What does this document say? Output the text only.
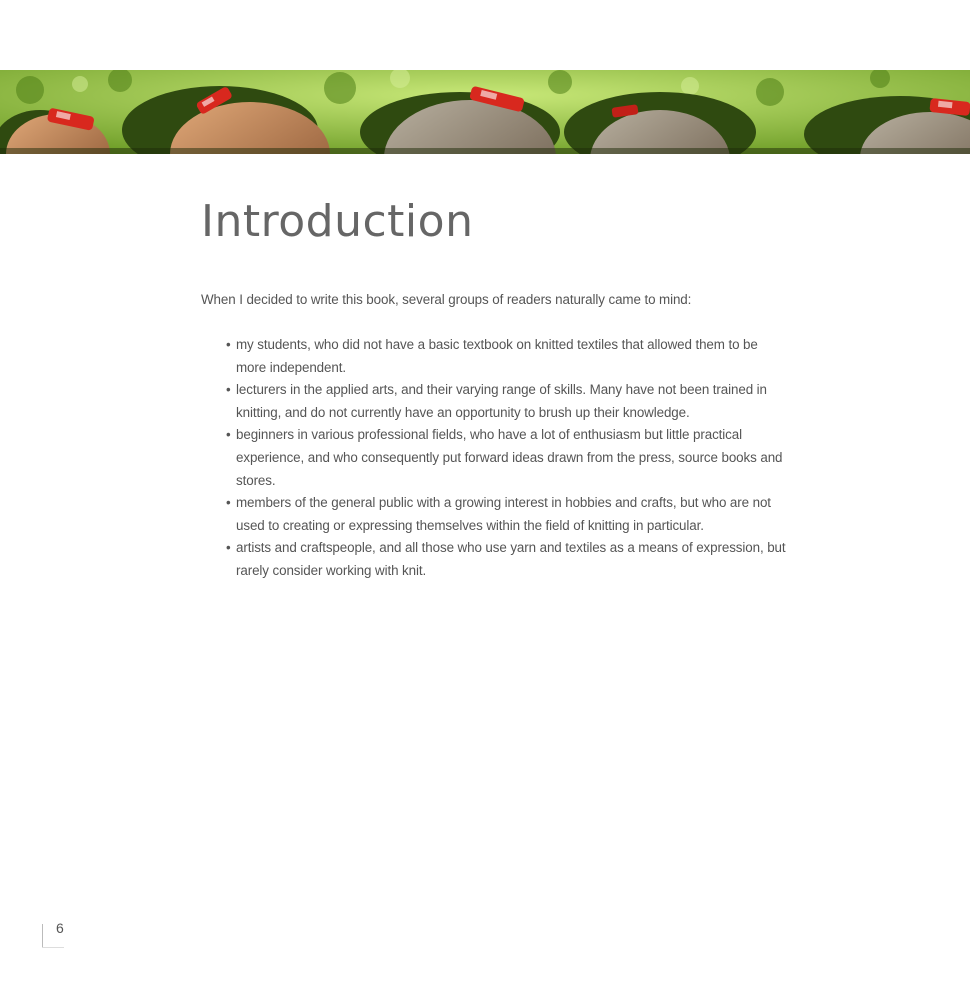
Introduction

When I decided to write this book, several groups of readers naturally came to mind:

• my students, who did not have a basic textbook on knitted textiles that allowed them to be more independent.
• lecturers in the applied arts, and their varying range of skills. Many have not been trained in knitting, and do not currently have an opportunity to brush up their knowledge.
• beginners in various professional fields, who have a lot of enthusiasm but little practical experience, and who consequently put forward ideas drawn from the press, source books and stores.
• members of the general public with a growing interest in hobbies and crafts, but who are not used to creating or expressing themselves within the field of knitting in particular.
• artists and craftspeople, and all those who use yarn and textiles as a means of expression, but rarely consider working with knit.
6
